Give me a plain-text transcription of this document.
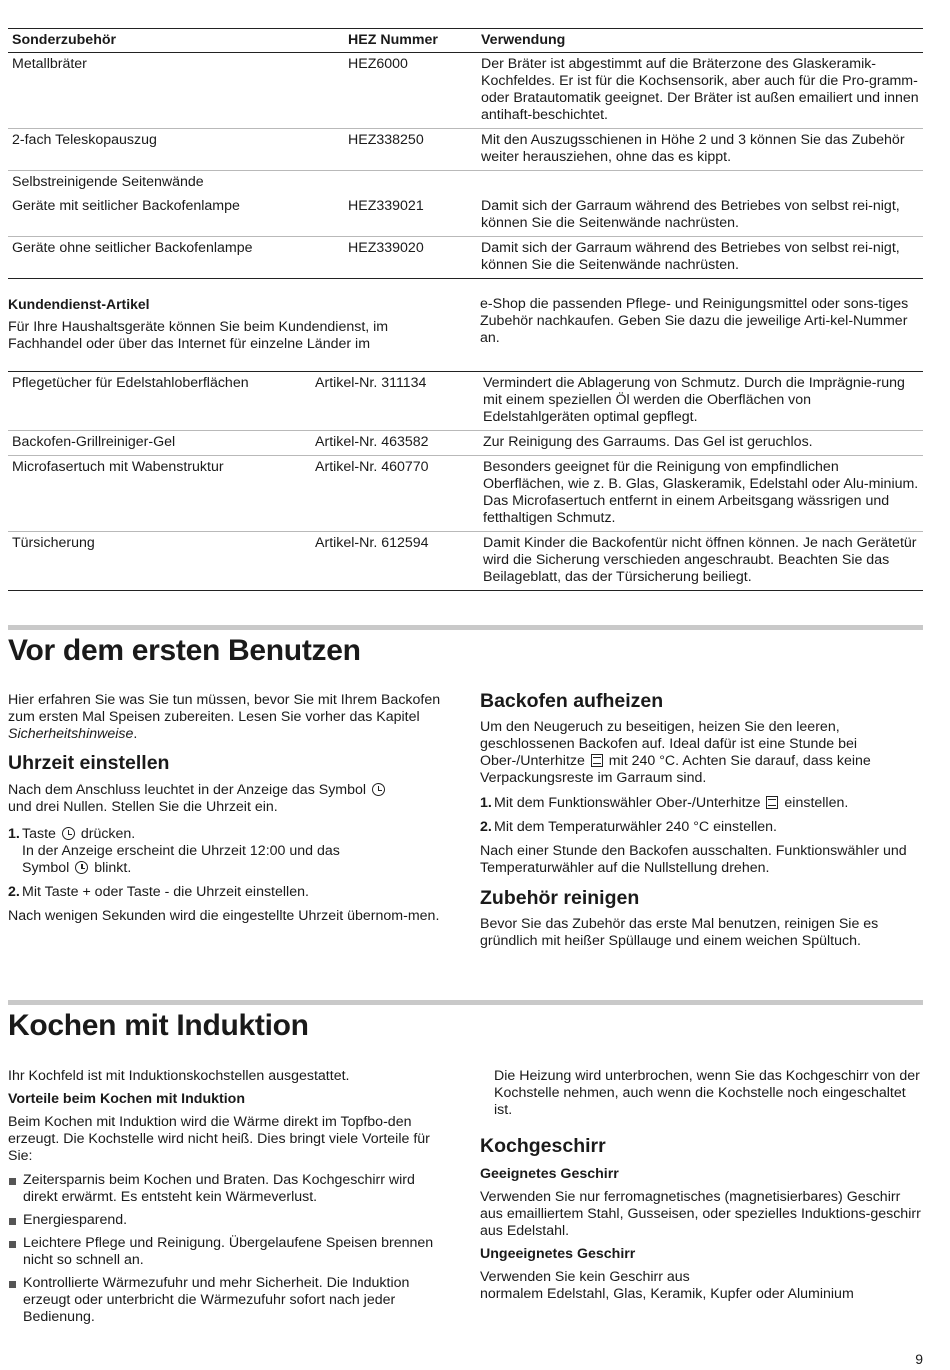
Sonderzubehör	HEZ Nummer	Verwendung
Metallbräter	HEZ6000	Der Bräter ist abgestimmt auf die Bräterzone des Glaskeramik-Kochfeldes. Er ist für die Kochsensorik, aber auch für die Pro-gramm- oder Bratautomatik geeignet. Der Bräter ist außen emailiert und innen antihaft-beschichtet.
2-fach Teleskopauszug	HEZ338250	Mit den Auszugsschienen in Höhe 2 und 3 können Sie das Zubehör weiter herausziehen, ohne das es kippt.
Selbstreinigende Seitenwände		
Geräte mit seitlicher Backofenlampe	HEZ339021	Damit sich der Garraum während des Betriebes von selbst rei-nigt, können Sie die Seitenwände nachrüsten.
Geräte ohne seitlicher Backofenlampe	HEZ339020	Damit sich der Garraum während des Betriebes von selbst rei-nigt, können Sie die Seitenwände nachrüsten.
Kundendienst-Artikel

Für Ihre Haushaltsgeräte können Sie beim Kundendienst, im Fachhandel oder über das Internet für einzelne Länder im

e-Shop die passenden Pflege- und Reinigungsmittel oder sons-tiges Zubehör nachkaufen. Geben Sie dazu die jeweilige Arti-kel-Nummer an.

Pflegetücher für Edelstahloberflächen	Artikel-Nr. 311134	Vermindert die Ablagerung von Schmutz. Durch die Imprägnie-rung mit einem speziellen Öl werden die Oberflächen von Edelstahlgeräten optimal gepflegt.
Backofen-Grillreiniger-Gel	Artikel-Nr. 463582	Zur Reinigung des Garraums. Das Gel ist geruchlos.
Microfasertuch mit Wabenstruktur	Artikel-Nr. 460770	Besonders geeignet für die Reinigung von empfindlichen Oberflächen, wie z. B. Glas, Glaskeramik, Edelstahl oder Alu-minium. Das Microfasertuch entfernt in einem Arbeitsgang wässrigen und fetthaltigen Schmutz.
Türsicherung	Artikel-Nr. 612594	Damit Kinder die Backofentür nicht öffnen können. Je nach Gerätetür wird die Sicherung verschieden angeschraubt. Beachten Sie das Beilageblatt, das der Türsicherung beiliegt.
Vor dem ersten Benutzen

Hier erfahren Sie was Sie tun müssen, bevor Sie mit Ihrem Backofen zum ersten Mal Speisen zubereiten. Lesen Sie vorher das Kapitel Sicherheitshinweise.

Uhrzeit einstellen

Nach dem Anschluss leuchtet in der Anzeige das Symbol
und drei Nullen. Stellen Sie die Uhrzeit ein.

1. Taste drücken.
In der Anzeige erscheint die Uhrzeit 12:00 und das
Symbol blinkt.
2. Mit Taste + oder Taste - die Uhrzeit einstellen.

Nach wenigen Sekunden wird die eingestellte Uhrzeit übernom-men.

Backofen aufheizen

Um den Neugeruch zu beseitigen, heizen Sie den leeren, geschlossenen Backofen auf. Ideal dafür ist eine Stunde bei Ober-/Unterhitze mit 240 °C. Achten Sie darauf, dass keine Verpackungsreste im Garraum sind.

1. Mit dem Funktionswähler Ober-/Unterhitze einstellen.
2. Mit dem Temperaturwähler 240 °C einstellen.

Nach einer Stunde den Backofen ausschalten. Funktionswähler und Temperaturwähler auf die Nullstellung drehen.

Zubehör reinigen

Bevor Sie das Zubehör das erste Mal benutzen, reinigen Sie es gründlich mit heißer Spüllauge und einem weichen Spültuch.

Kochen mit Induktion

Ihr Kochfeld ist mit Induktionskochstellen ausgestattet.

Vorteile beim Kochen mit Induktion

Beim Kochen mit Induktion wird die Wärme direkt im Topfbo-den erzeugt. Die Kochstelle wird nicht heiß. Dies bringt viele Vorteile für Sie:

Zeitersparnis beim Kochen und Braten. Das Kochgeschirr wird direkt erwärmt. Es entsteht kein Wärmeverlust.
Energiesparend.
Leichtere Pflege und Reinigung. Übergelaufene Speisen brennen nicht so schnell an.
Kontrollierte Wärmezufuhr und mehr Sicherheit. Die Induktion erzeugt oder unterbricht die Wärmezufuhr sofort nach jeder Bedienung.

Die Heizung wird unterbrochen, wenn Sie das Kochgeschirr von der Kochstelle nehmen, auch wenn die Kochstelle noch eingeschaltet ist.

Kochgeschirr
Geeignetes Geschirr

Verwenden Sie nur ferromagnetisches (magnetisierbares) Geschirr

aus emailliertem Stahl, Gusseisen, oder spezielles Induktions-geschirr aus Edelstahl.

Ungeeignetes Geschirr

Verwenden Sie kein Geschirr aus

normalem Edelstahl, Glas, Keramik, Kupfer oder Aluminium

9
